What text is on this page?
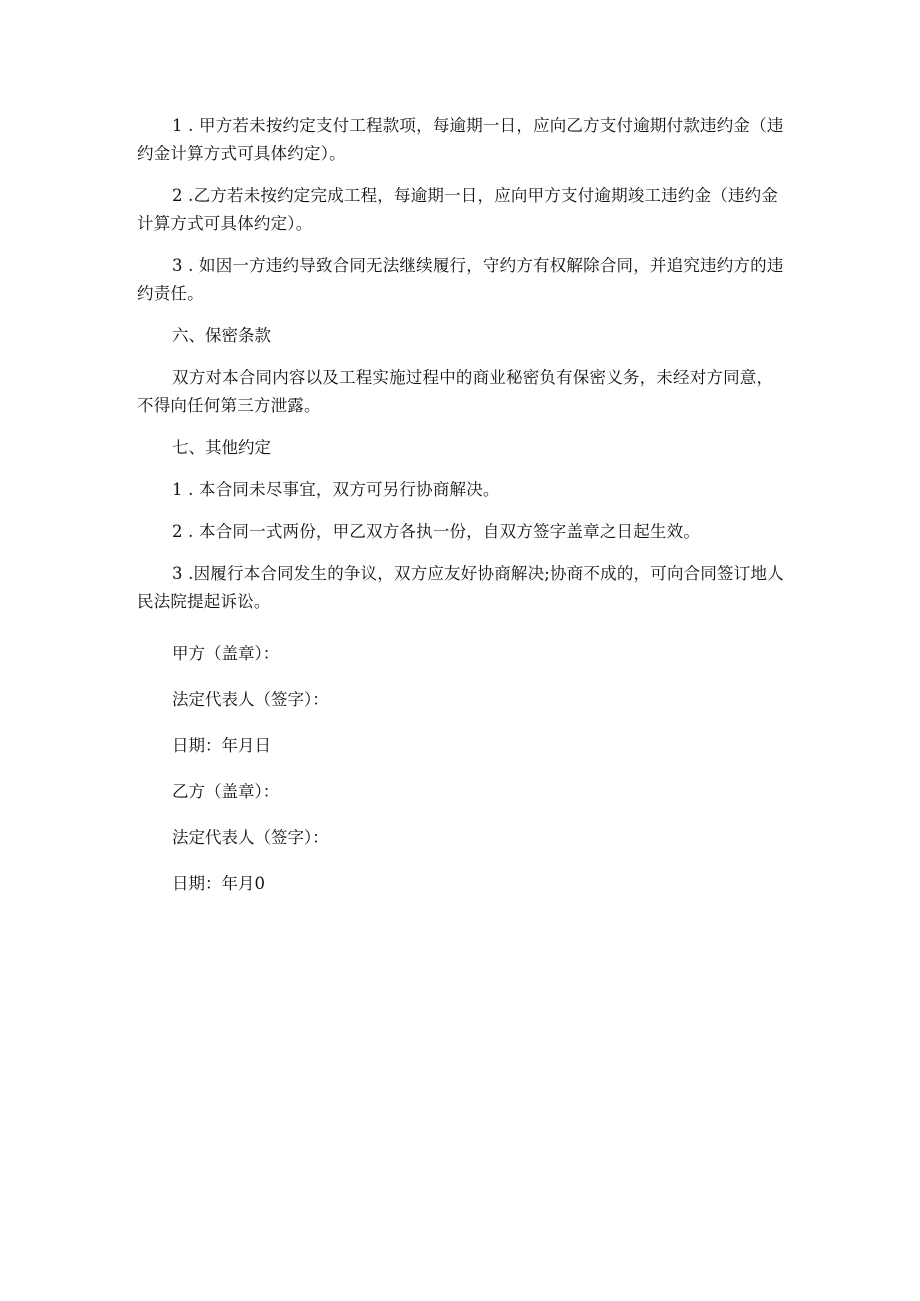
1 . 甲方若未按约定支付工程款项，每逾期一日，应向乙方支付逾期付款违约金（违约金计算方式可具体约定）。

2 .乙方若未按约定完成工程，每逾期一日，应向甲方支付逾期竣工违约金（违约金计算方式可具体约定）。

3 . 如因一方违约导致合同无法继续履行，守约方有权解除合同，并追究违约方的违约责任。

六、保密条款

双方对本合同内容以及工程实施过程中的商业秘密负有保密义务，未经对方同意，不得向任何第三方泄露。

七、其他约定

1 . 本合同未尽事宜，双方可另行协商解决。

2 . 本合同一式两份，甲乙双方各执一份，自双方签字盖章之日起生效。

3 .因履行本合同发生的争议，双方应友好协商解决;协商不成的，可向合同签订地人民法院提起诉讼。

甲方（盖章）：

法定代表人（签字）：

日期：年月日

乙方（盖章）：

法定代表人（签字）：

日期：年月0
